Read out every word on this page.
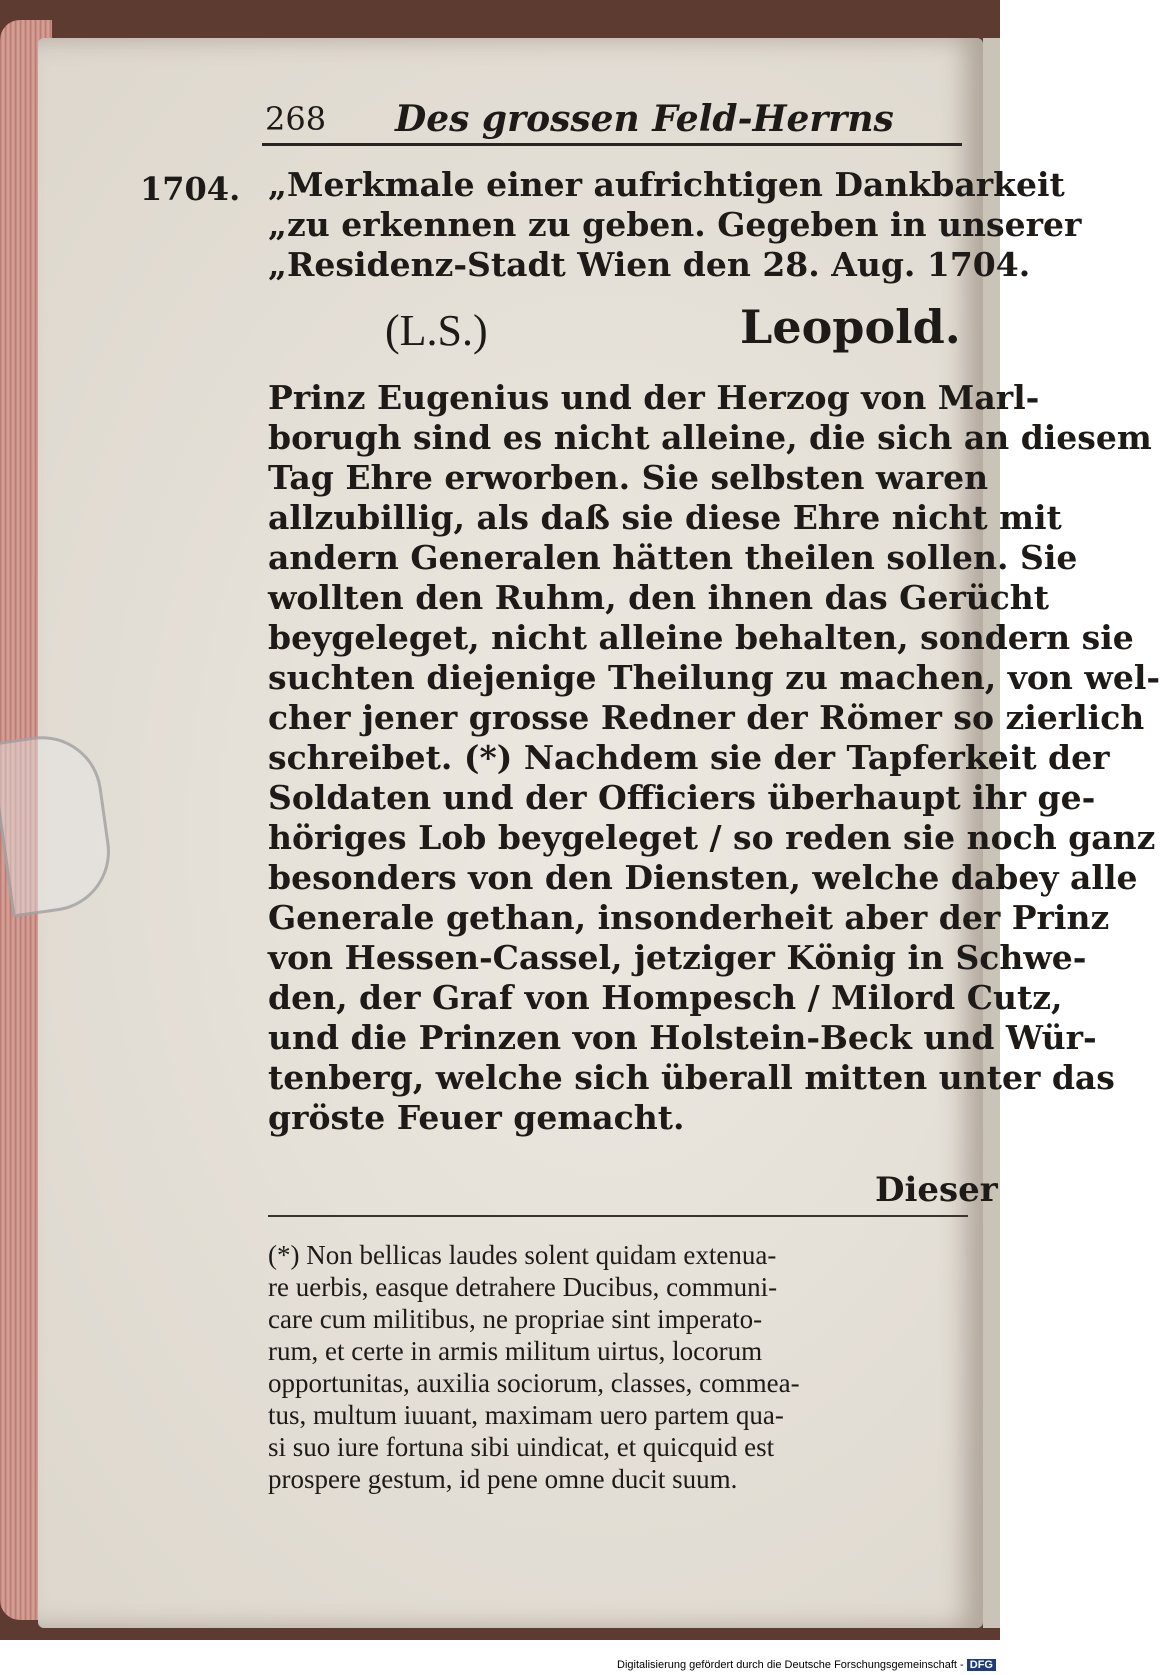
268 Des grossen Feld-Herrns
1704. „Merkmale einer aufrichtigen Dankbarkeit
„zu erkennen zu geben. Gegeben in unserer
„Residenz-Stadt Wien den 28. Aug. 1704.
(L.S.)	Leopold.
Prinz Eugenius und der Herzog von Marl-
borugh sind es nicht alleine, die sich an diesem
Tag Ehre erworben. Sie selbsten waren
allzubillig, als daß sie diese Ehre nicht mit
andern Generalen hätten theilen sollen. Sie
wollten den Ruhm, den ihnen das Gerücht
beygeleget, nicht alleine behalten, sondern sie
suchten diejenige Theilung zu machen, von wel-
cher jener grosse Redner der Römer so zierlich
schreibet. (*) Nachdem sie der Tapferkeit der
Soldaten und der Officiers überhaupt ihr ge-
höriges Lob beygeleget / so reden sie noch ganz
besonders von den Diensten, welche dabey alle
Generale gethan, insonderheit aber der Prinz
von Hessen-Cassel, jetziger König in Schwe-
den, der Graf von Hompesch / Milord Cutz,
und die Prinzen von Holstein-Beck und Wür-
tenberg, welche sich überall mitten unter das
gröste Feuer gemacht.
Dieser
(*) Non bellicas laudes solent quidam extenua-
re uerbis, easque detrahere Ducibus, communi-
care cum militibus, ne propriae sint imperato-
rum, et certe in armis militum uirtus, locorum
opportunitas, auxilia sociorum, classes, commea-
tus, multum iuuant, maximam uero partem qua-
si suo iure fortuna sibi uindicat, et quicquid est
prospere gestum, id pene omne ducit suum.
Digitalisierung gefördert durch die Deutsche Forschungsgemeinschaft - DFG
